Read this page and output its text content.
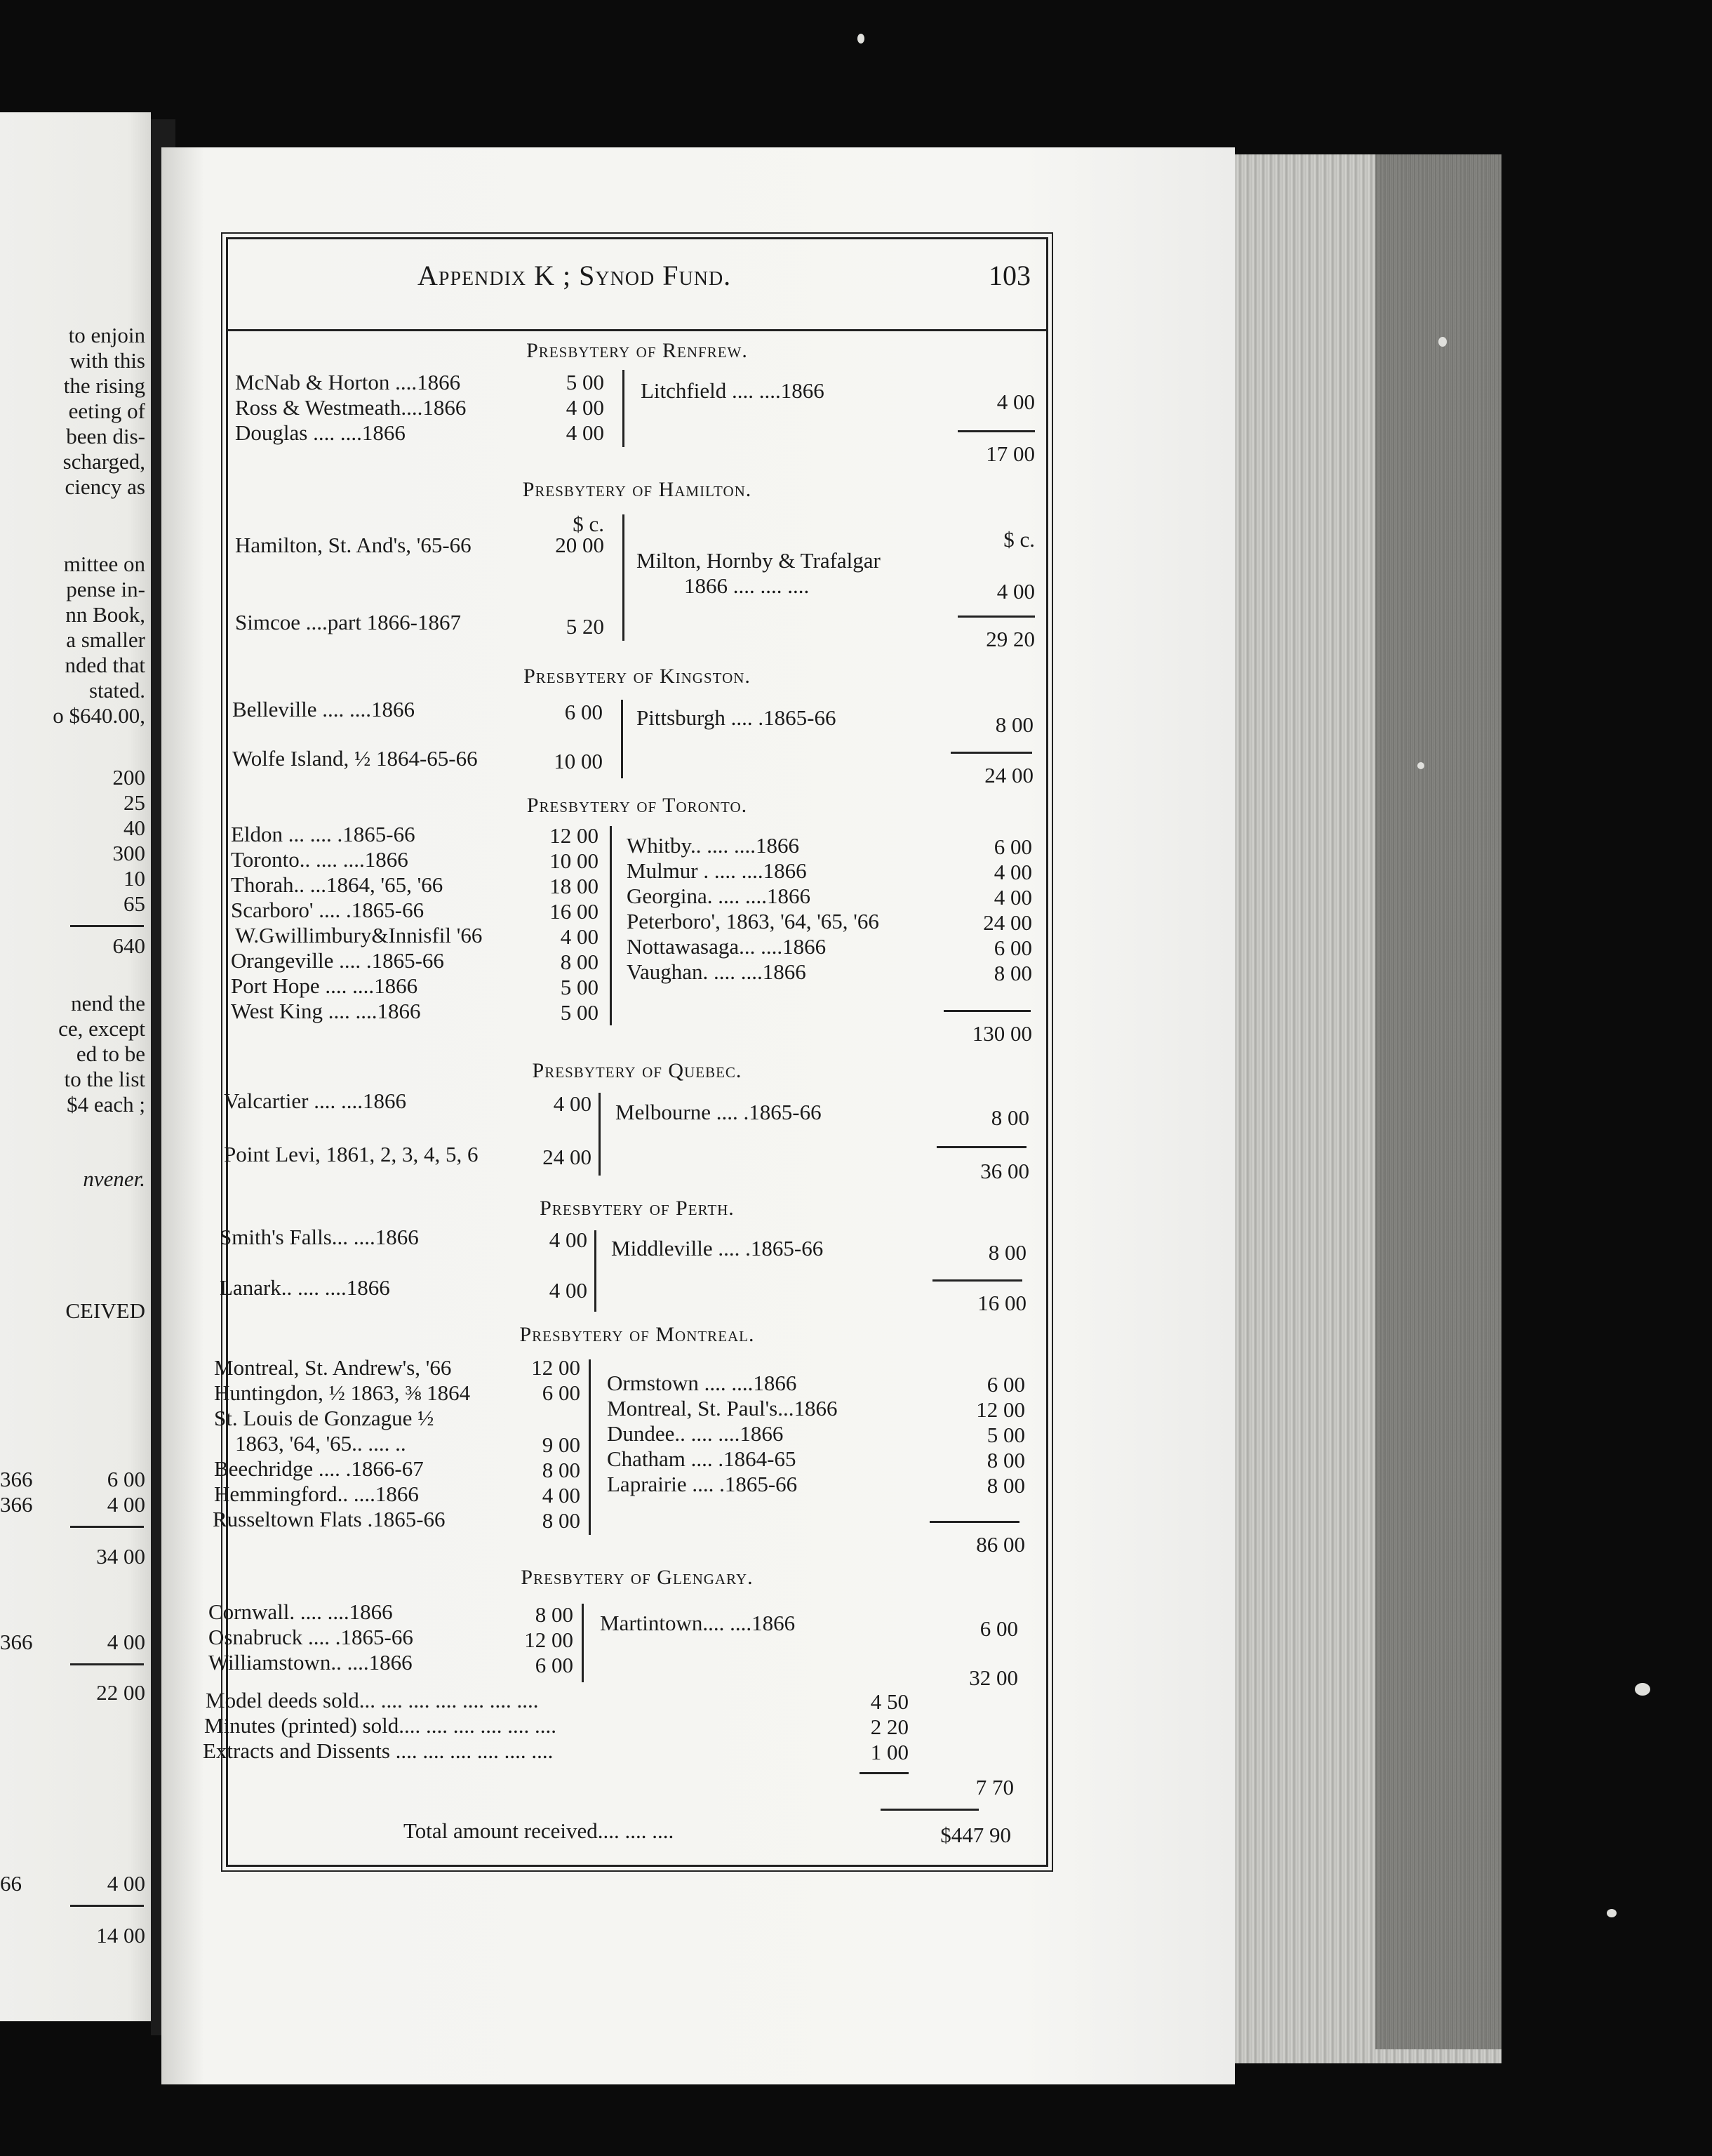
to enjoin
with this
the rising
eeting of
been dis-
scharged,
ciency as
mittee on
pense in-
nn Book,
a smaller
nded that
stated.
o $640.00,
200
25
40
300
10
65
640
nend the
ce, except
ed to be
to the list
$4 each ;
nvener.
CEIVED
366	6 00
366	4 00
34 00
366	4 00
22 00
66	4 00
14 00
Appendix K ; Synod Fund.	103
Presbytery of Renfrew.
McNab & Horton ....1866	5 00
Ross & Westmeath....1866	4 00
Douglas .... ....1866	4 00
Litchfield .... ....1866	4 00
17 00
Presbytery of Hamilton.
$ c.
Hamilton, St. And's, '65-66	20 00
Simcoe ....part 1866-1867	5 20
$ c.
Milton, Hornby & Trafalgar
1866 .... .... ....	4 00
29 20
Presbytery of Kingston.
Belleville .... ....1866	6 00
Wolfe Island, ½ 1864-65-66	10 00
Pittsburgh .... .1865-66	8 00
24 00
Presbytery of Toronto.
Eldon ... .... .1865-66	12 00
Toronto.. .... ....1866	10 00
Thorah.. ...1864, '65, '66	18 00
Scarboro' .... .1865-66	16 00
W.Gwillimbury&Innisfil '66	4 00
Orangeville .... .1865-66	8 00
Port Hope .... ....1866	5 00
West King .... ....1866	5 00
Whitby.. .... ....1866	6 00
Mulmur . .... ....1866	4 00
Georgina. .... ....1866	4 00
Peterboro', 1863, '64, '65, '66	24 00
Nottawasaga... ....1866	6 00
Vaughan. .... ....1866	8 00
130 00
Presbytery of Quebec.
Valcartier .... ....1866	4 00
Point Levi, 1861, 2, 3, 4, 5, 6	24 00
Melbourne .... .1865-66	8 00
36 00
Presbytery of Perth.
Smith's Falls... ....1866	4 00
Lanark.. .... ....1866	4 00
Middleville .... .1865-66	8 00
16 00
Presbytery of Montreal.
Montreal, St. Andrew's, '66	12 00
Huntingdon, ½ 1863, ⅜ 1864	6 00
St. Louis de Gonzague ½
1863, '64, '65.. .... ..	9 00
Beechridge .... .1866-67	8 00
Hemmingford.. ....1866	4 00
Russeltown Flats .1865-66	8 00
Ormstown .... ....1866	6 00
Montreal, St. Paul's...1866	12 00
Dundee.. .... ....1866	5 00
Chatham .... .1864-65	8 00
Laprairie .... .1865-66	8 00
86 00
Presbytery of Glengary.
Cornwall. .... ....1866	8 00
Osnabruck .... .1865-66	12 00
Williamstown.. ....1866	6 00
Martintown.... ....1866	6 00
32 00
Model deeds sold... .... .... .... .... .... ....	4 50
Minutes (printed) sold.... .... .... .... .... ....	2 20
Extracts and Dissents .... .... .... .... .... ....	1 00
7 70
Total amount received.... .... ....	$447 90
